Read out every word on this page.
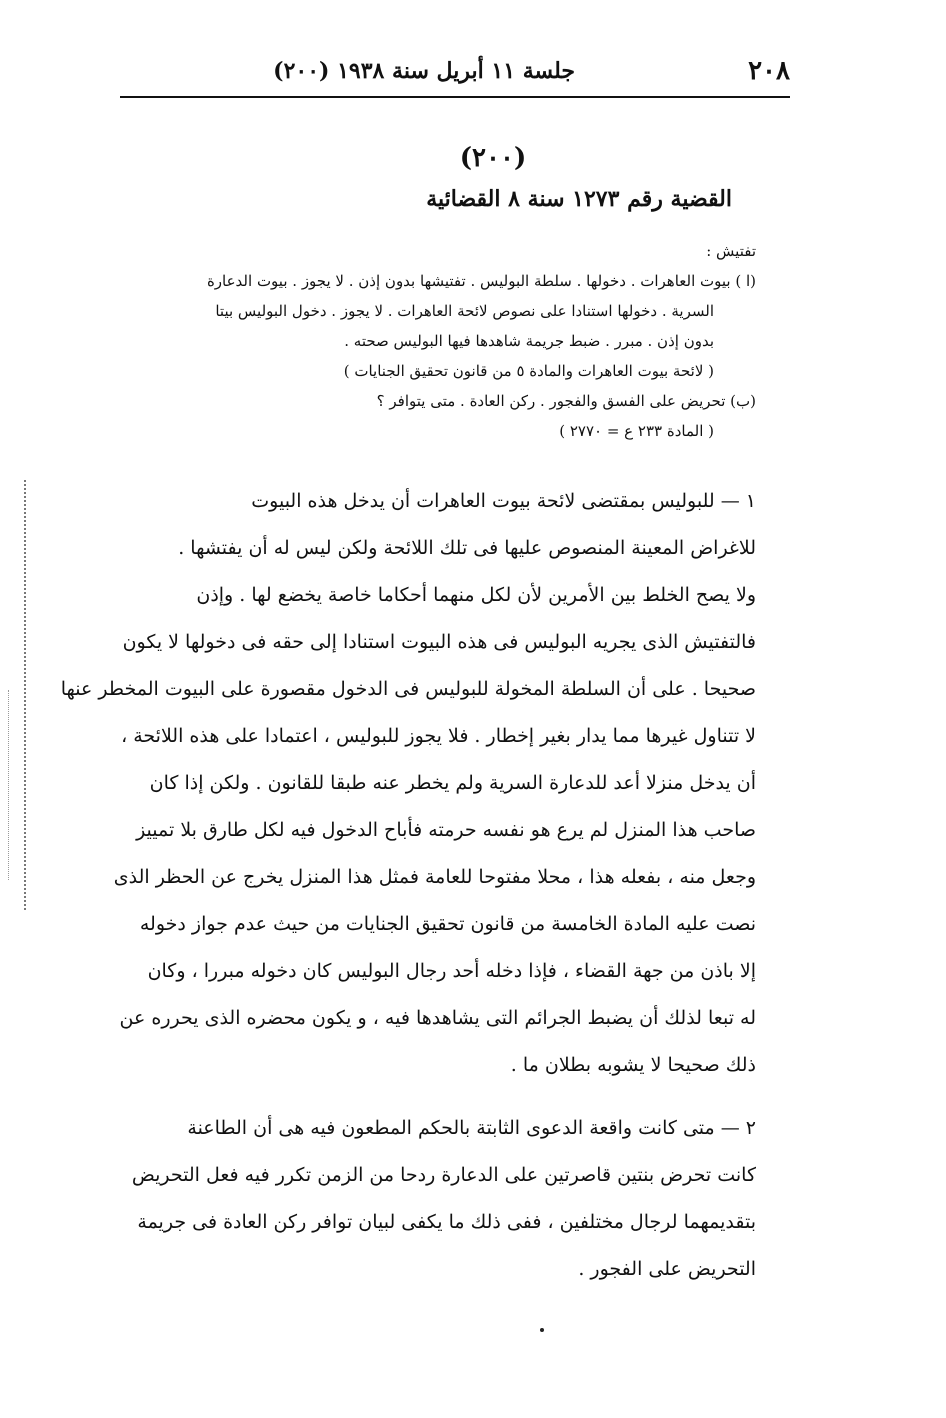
٢٠٨
جلسة ١١ أبريل سنة ١٩٣٨ (٢٠٠)
(٢٠٠)
القضية رقم ١٢٧٣ سنة ٨ القضائية
تفتيش :
(ا ) بيوت العاهرات . دخولها . سلطة البوليس . تفتيشها بدون إذن . لا يجوز . بيوت الدعارة
السرية . دخولها استنادا على نصوص لائحة العاهرات . لا يجوز . دخول البوليس بيتا
بدون إذن . مبرر . ضبط جريمة شاهدها فيها البوليس صحته .
( لائحة بيوت العاهرات والمادة ٥ من قانون تحقيق الجنايات )
(ب) تحريض على الفسق والفجور . ركن العادة . متى يتوافر ؟
( المادة ٢٣٣ ع = ٢٧٧٠ )
١ — للبوليس بمقتضى لائحة بيوت العاهرات أن يدخل هذه البيوت
للاغراض المعينة المنصوص عليها فى تلك اللائحة ولكن ليس له أن يفتشها .
ولا يصح الخلط بين الأمرين لأن لكل منهما أحكاما خاصة يخضع لها . وإذن
فالتفتيش الذى يجريه البوليس فى هذه البيوت استنادا إلى حقه فى دخولها لا يكون
صحيحا . على أن السلطة المخولة للبوليس فى الدخول مقصورة على البيوت المخطر عنها
لا تتناول غيرها مما يدار بغير إخطار . فلا يجوز للبوليس ، اعتمادا على هذه اللائحة ،
أن يدخل منزلا أعد للدعارة السرية ولم يخطر عنه طبقا للقانون . ولكن إذا كان
صاحب هذا المنزل لم يرع هو نفسه حرمته فأباح الدخول فيه لكل طارق بلا تمييز
وجعل منه ، بفعله هذا ، محلا مفتوحا للعامة فمثل هذا المنزل يخرج عن الحظر الذى
نصت عليه المادة الخامسة من قانون تحقيق الجنايات من حيث عدم جواز دخوله
إلا باذن من جهة القضاء ، فإذا دخله أحد رجال البوليس كان دخوله مبررا ، وكان
له تبعا لذلك أن يضبط الجرائم التى يشاهدها فيه ، و يكون محضره الذى يحرره عن
ذلك صحيحا لا يشوبه بطلان ما .
٢ — متى كانت واقعة الدعوى الثابتة بالحكم المطعون فيه هى أن الطاعنة
كانت تحرض بنتين قاصرتين على الدعارة ردحا من الزمن تكرر فيه فعل التحريض
بتقديمهما لرجال مختلفين ، ففى ذلك ما يكفى لبيان توافر ركن العادة فى جريمة
التحريض على الفجور .
